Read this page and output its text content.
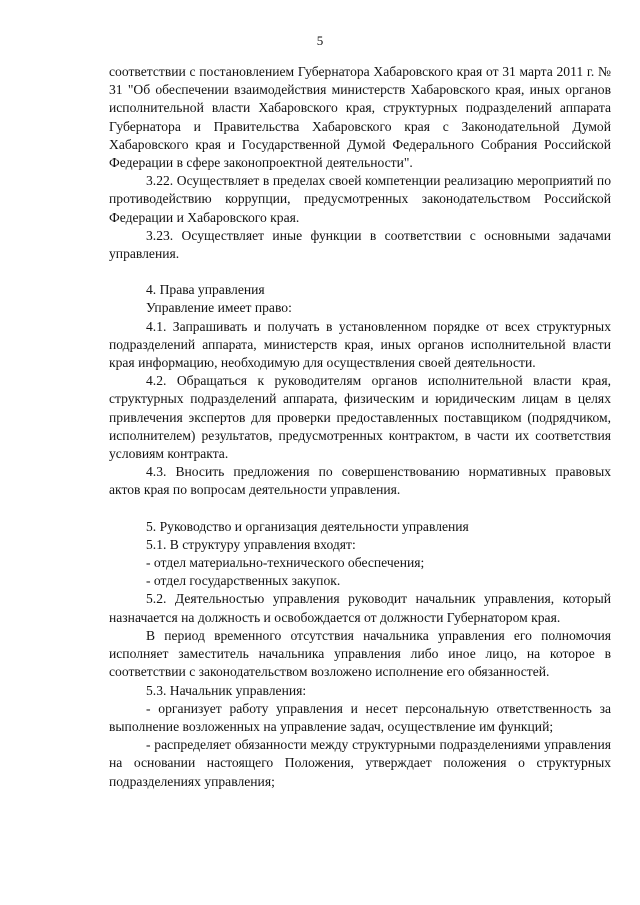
5

соответствии с постановлением Губернатора Хабаровского края от 31 марта 2011 г. № 31 "Об обеспечении взаимодействия министерств Хабаровского края, иных органов исполнительной власти Хабаровского края, структурных подразделений аппарата Губернатора и Правительства Хабаровского края с Законодательной Думой Хабаровского края и Государственной Думой Федерального Собрания Российской Федерации в сфере законопроектной деятельности".

3.22. Осуществляет в пределах своей компетенции реализацию мероприятий по противодействию коррупции, предусмотренных законодательством Российской Федерации и Хабаровского края.

3.23. Осуществляет иные функции в соответствии с основными задачами управления.

4. Права управления

Управление имеет право:

4.1. Запрашивать и получать в установленном порядке от всех структурных подразделений аппарата, министерств края, иных органов исполнительной власти края информацию, необходимую для осуществления своей деятельности.

4.2. Обращаться к руководителям органов исполнительной власти края, структурных подразделений аппарата, физическим и юридическим лицам в целях привлечения экспертов для проверки предоставленных поставщиком (подрядчиком, исполнителем) результатов, предусмотренных контрактом, в части их соответствия условиям контракта.

4.3. Вносить предложения по совершенствованию нормативных правовых актов края по вопросам деятельности управления.

5. Руководство и организация деятельности управления

5.1. В структуру управления входят:

- отдел материально-технического обеспечения;

- отдел государственных закупок.

5.2. Деятельностью управления руководит начальник управления, который назначается на должность и освобождается от должности Губернатором края.

В период временного отсутствия начальника управления его полномочия исполняет заместитель начальника управления либо иное лицо, на которое в соответствии с законодательством возложено исполнение его обязанностей.

5.3. Начальник управления:

- организует работу управления и несет персональную ответственность за выполнение возложенных на управление задач, осуществление им функций;

- распределяет обязанности между структурными подразделениями управления на основании настоящего Положения, утверждает положения о структурных подразделениях управления;
